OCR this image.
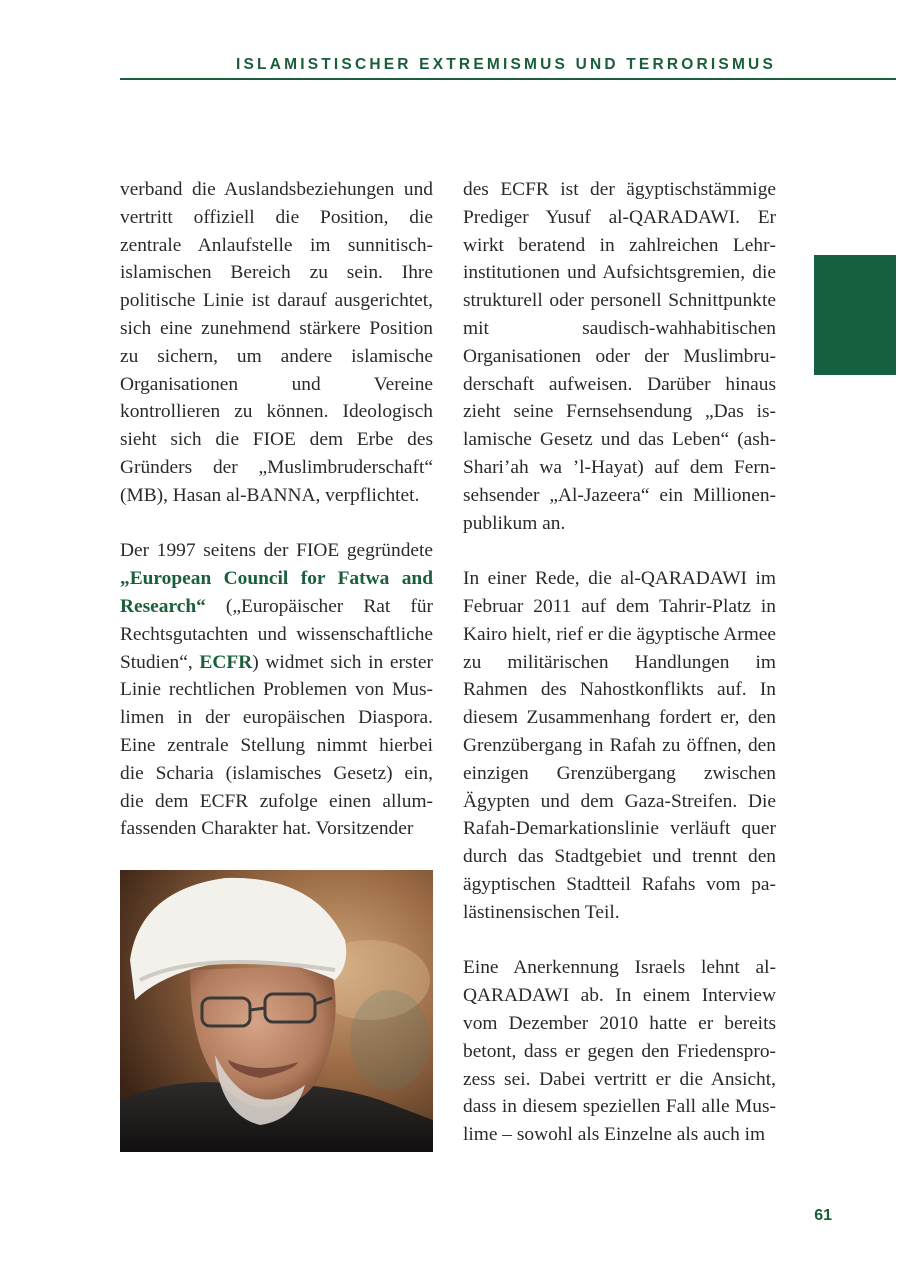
ISLAMISTISCHER EXTREMISMUS UND TERRORISMUS

verband die Auslandsbeziehungen und vertritt offiziell die Position, die zentrale Anlaufstelle im sunnitisch-islamischen Bereich zu sein. Ihre politische Linie ist darauf ausgerichtet, sich eine zunehmend stärkere Position zu sichern, um andere islamische Organisationen und Vereine kontrollieren zu können. Ideologisch sieht sich die FIOE dem Erbe des Gründers der „Muslimbruderschaft“ (MB), Hasan al-BANNA, verpflichtet.

Der 1997 seitens der FIOE gegründete „European Council for Fatwa and Research“ („Europäischer Rat für Rechtsgutachten und wissenschaftliche Studien“, ECFR) widmet sich in erster Linie rechtlichen Problemen von Muslimen in der europäischen Diaspora. Eine zentrale Stellung nimmt hierbei die Scharia (islamisches Gesetz) ein, die dem ECFR zufolge einen allumfassenden Charakter hat. Vorsitzender

des ECFR ist der ägyptischstämmige Prediger Yusuf al-QARADAWI. Er wirkt beratend in zahlreichen Lehrinstitutionen und Aufsichtsgremien, die strukturell oder personell Schnittpunkte mit saudisch-wahhabitischen Organisationen oder der Muslimbruderschaft aufweisen. Darüber hinaus zieht seine Fernsehsendung „Das islamische Gesetz und das Leben“ (ash-Shari’ah wa ’l-Hayat) auf dem Fernsehsender „Al-Jazeera“ ein Millionenpublikum an.

In einer Rede, die al-QARADAWI im Februar 2011 auf dem Tahrir-Platz in Kairo hielt, rief er die ägyptische Armee zu militärischen Handlungen im Rahmen des Nahostkonflikts auf. In diesem Zusammenhang fordert er, den Grenzübergang in Rafah zu öffnen, den einzigen Grenzübergang zwischen Ägypten und dem Gaza-Streifen. Die Rafah-Demarkationslinie verläuft quer durch das Stadtgebiet und trennt den ägyptischen Stadtteil Rafahs vom palästinensischen Teil.

Eine Anerkennung Israels lehnt al-QARADAWI ab. In einem Interview vom Dezember 2010 hatte er bereits betont, dass er gegen den Friedensprozess sei. Dabei vertritt er die Ansicht, dass in diesem speziellen Fall alle Muslime – sowohl als Einzelne als auch im

61
